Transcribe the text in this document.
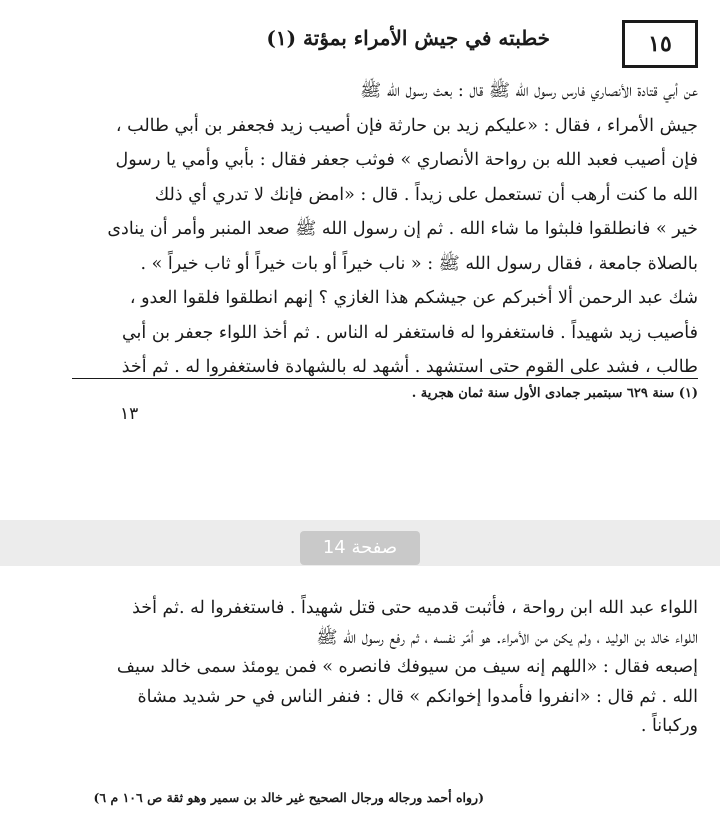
١٥
خطبته في جيش الأمراء بمؤتة (١)
عن أبي قتادة الأنصاري فارس رسول الله ﷺ قال : بعث رسول الله ﷺ
جيش الأمراء ، فقال : «عليكم زيد بن حارثة فإن أصيب زيد فجعفر بن أبي طالب ،
فإن أصيب فعبد الله بن رواحة الأنصاري » فوثب جعفر فقال : بأبي وأمي يا رسول
الله ما كنت أرهب أن تستعمل على زيداً . قال : «امض فإنك لا تدري أي ذلك
خير » فانطلقوا فلبثوا ما شاء الله . ثم إن رسول الله ﷺ صعد المنبر وأمر أن ينادى
بالصلاة جامعة ، فقال رسول الله ﷺ : « ناب خيراً أو بات خيراً أو ثاب خيراً » .
شك عبد الرحمن ألا أخبركم عن جيشكم هذا الغازي ؟ إنهم انطلقوا فلقوا العدو ،
فأصيب زيد شهيداً . فاستغفروا له فاستغفر له الناس . ثم أخذ اللواء جعفر بن أبي
طالب ، فشد على القوم حتى استشهد . أشهد له بالشهادة فاستغفروا له . ثم أخذ
(١) سنة ٦٢٩ سبتمبر جمادى الأول سنة ثمان هجرية .
١٣
صفحة 14
اللواء عبد الله ابن رواحة ، فأثبت قدميه حتى قتل شهيداً . فاستغفروا له .ثم أخذ
اللواء خالد بن الوليد ، ولم يكن من الأمراء. هو أمّر نفسه ، ثم رفع رسول الله ﷺ
إصبعه فقال : «اللهم إنه سيف من سيوفك فانصره » فمن يومئذ سمى خالد سيف
الله . ثم قال : «انفروا فأمدوا إخوانكم » قال : فنفر الناس في حر شديد مشاة
وركباناً .
(رواه أحمد ورجاله ورجال الصحيح غير خالد بن سمير وهو ثقة ص ١٠٦ م ٦)
